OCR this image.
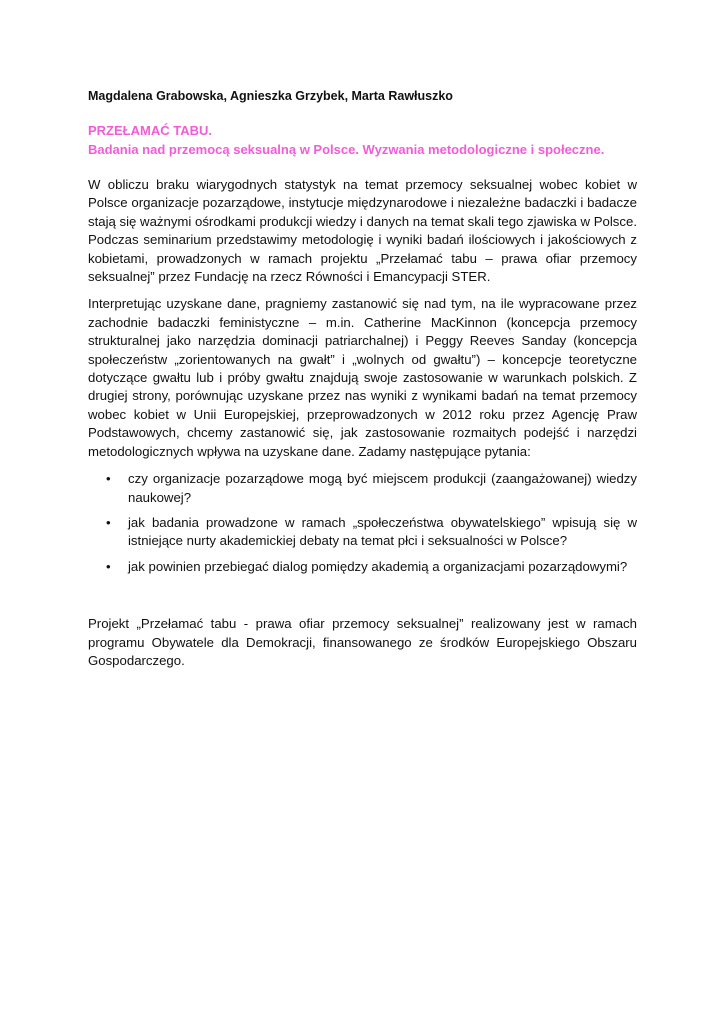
Magdalena Grabowska, Agnieszka Grzybek, Marta Rawłuszko
PRZEŁAMAĆ TABU.
Badania nad przemocą seksualną w Polsce. Wyzwania metodologiczne i społeczne.

W obliczu braku wiarygodnych statystyk na temat przemocy seksualnej wobec kobiet w Polsce organizacje pozarządowe, instytucje międzynarodowe i niezależne badaczki i badacze stają się ważnymi ośrodkami produkcji wiedzy i danych na temat skali tego zjawiska w Polsce. Podczas seminarium przedstawimy metodologię i wyniki badań ilościowych i jakościowych z kobietami, prowadzonych w ramach projektu „Przełamać tabu – prawa ofiar przemocy seksualnej” przez Fundację na rzecz Równości i Emancypacji STER.

Interpretując uzyskane dane, pragniemy zastanowić się nad tym, na ile wypracowane przez zachodnie badaczki feministyczne – m.in. Catherine MacKinnon (koncepcja przemocy strukturalnej jako narzędzia dominacji patriarchalnej) i Peggy Reeves Sanday (koncepcja społeczeństw „zorientowanych na gwałt” i „wolnych od gwałtu”) – koncepcje teoretyczne dotyczące gwałtu lub i próby gwałtu znajdują swoje zastosowanie w warunkach polskich. Z drugiej strony, porównując uzyskane przez nas wyniki z wynikami badań na temat przemocy wobec kobiet w Unii Europejskiej, przeprowadzonych w 2012 roku przez Agencję Praw Podstawowych, chcemy zastanowić się, jak zastosowanie rozmaitych podejść i narzędzi metodologicznych wpływa na uzyskane dane. Zadamy następujące pytania:

• czy organizacje pozarządowe mogą być miejscem produkcji (zaangażowanej) wiedzy naukowej?
• jak badania prowadzone w ramach „społeczeństwa obywatelskiego” wpisują się w istniejące nurty akademickiej debaty na temat płci i seksualności w Polsce?
• jak powinien przebiegać dialog pomiędzy akademią a organizacjami pozarządowymi?

Projekt „Przełamać tabu - prawa ofiar przemocy seksualnej” realizowany jest w ramach programu Obywatele dla Demokracji, finansowanego ze środków Europejskiego Obszaru Gospodarczego.
